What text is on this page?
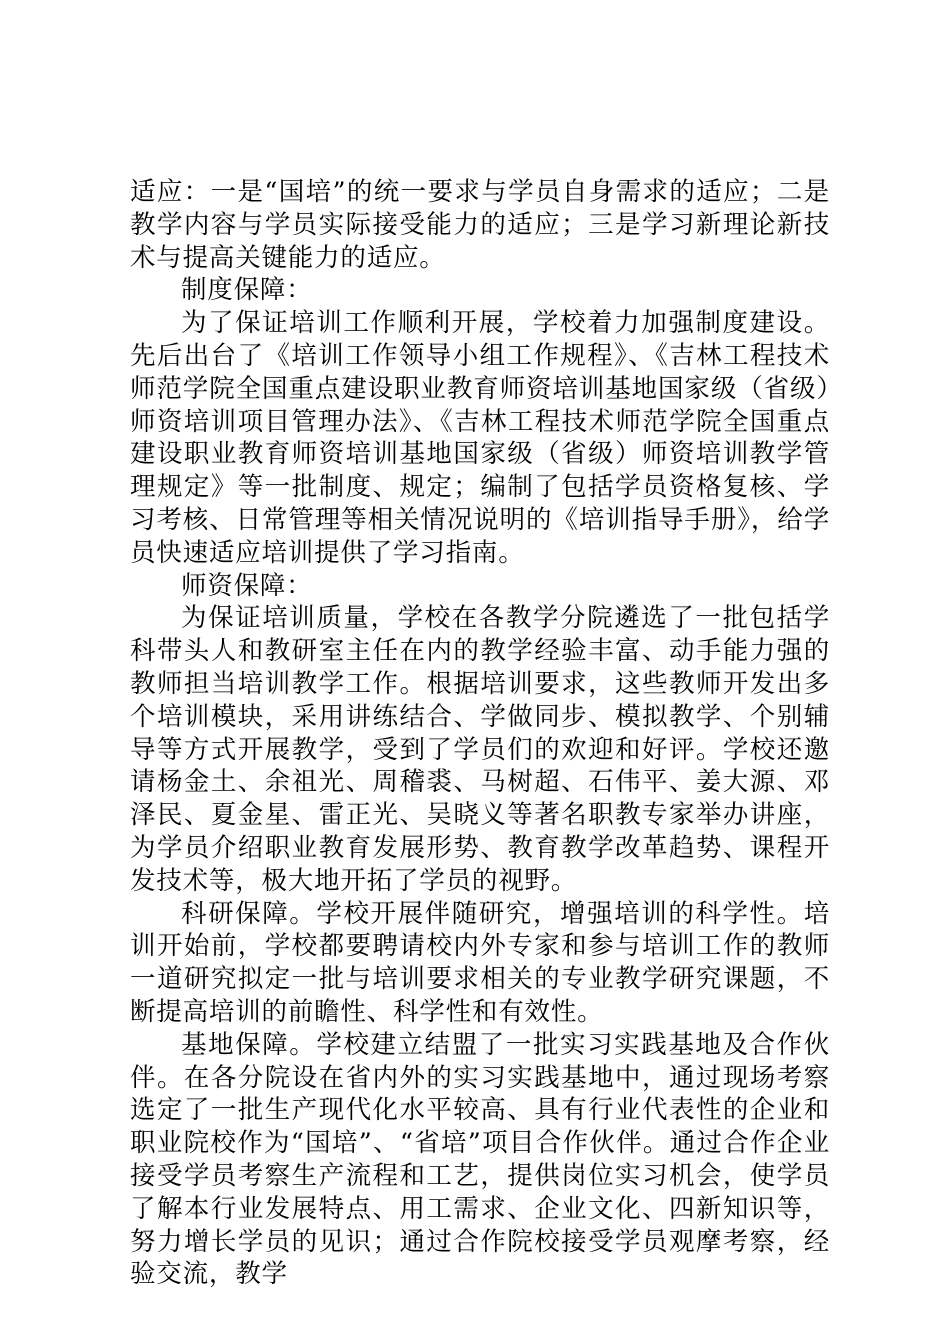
适应：一是“国培”的统一要求与学员自身需求的适应；二是教学内容与学员实际接受能力的适应；三是学习新理论新技术与提高关键能力的适应。

制度保障：

为了保证培训工作顺利开展，学校着力加强制度建设。先后出台了《培训工作领导小组工作规程》、《吉林工程技术师范学院全国重点建设职业教育师资培训基地国家级（省级）师资培训项目管理办法》、《吉林工程技术师范学院全国重点建设职业教育师资培训基地国家级（省级）师资培训教学管理规定》等一批制度、规定；编制了包括学员资格复核、学习考核、日常管理等相关情况说明的《培训指导手册》，给学员快速适应培训提供了学习指南。

师资保障：

为保证培训质量，学校在各教学分院遴选了一批包括学科带头人和教研室主任在内的教学经验丰富、动手能力强的教师担当培训教学工作。根据培训要求，这些教师开发出多个培训模块，采用讲练结合、学做同步、模拟教学、个别辅导等方式开展教学，受到了学员们的欢迎和好评。学校还邀请杨金土、余祖光、周稽裘、马树超、石伟平、姜大源、邓泽民、夏金星、雷正光、吴晓义等著名职教专家举办讲座，为学员介绍职业教育发展形势、教育教学改革趋势、课程开发技术等，极大地开拓了学员的视野。

科研保障。学校开展伴随研究，增强培训的科学性。培训开始前，学校都要聘请校内外专家和参与培训工作的教师一道研究拟定一批与培训要求相关的专业教学研究课题，不断提高培训的前瞻性、科学性和有效性。

基地保障。学校建立结盟了一批实习实践基地及合作伙伴。在各分院设在省内外的实习实践基地中，通过现场考察选定了一批生产现代化水平较高、具有行业代表性的企业和职业院校作为“国培”、“省培”项目合作伙伴。通过合作企业接受学员考察生产流程和工艺，提供岗位实习机会，使学员了解本行业发展特点、用工需求、企业文化、四新知识等，努力增长学员的见识；通过合作院校接受学员观摩考察，经验交流，教学
